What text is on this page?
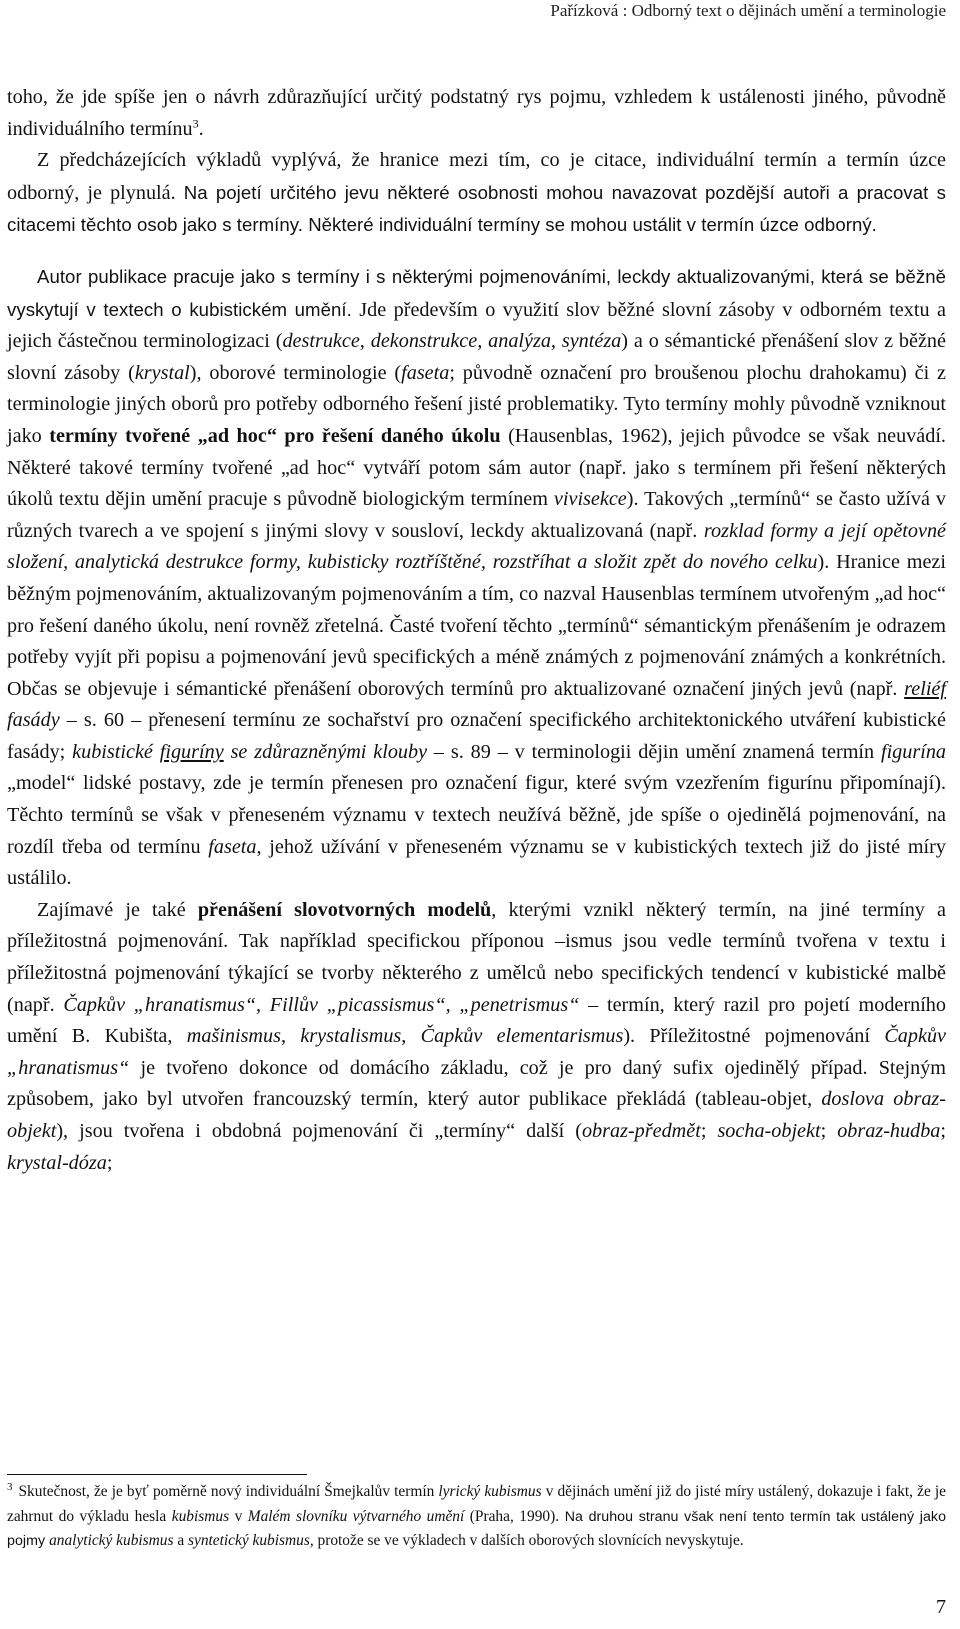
Pařízková : Odborný text o dějinách umění a terminologie

toho, že jde spíše jen o návrh zdůrazňující určitý podstatný rys pojmu, vzhledem k ustálenosti jiného, původně individuálního termínu$^3$.

Z předcházejících výkladů vyplývá, že hranice mezi tím, co je citace, individuální termín a termín úzce odborný, je plynulá. Na pojetí určitého jevu některé osobnosti mohou navazovat pozdější autoři a pracovat s citacemi těchto osob jako s termíny. Některé individuální termíny se mohou ustálit v termín úzce odborný.

Autor publikace pracuje jako s termíny i s některými pojmenováními, leckdy aktualizovanými, která se běžně vyskytují v textech o kubistickém umění. Jde především o využití slov běžné slovní zásoby v odborném textu a jejich částečnou terminologizaci (destrukce, dekonstrukce, analýza, syntéza) a o sémantické přenášení slov z běžné slovní zásoby (krystal), oborové terminologie (faseta; původně označení pro broušenou plochu drahokamu) či z terminologie jiných oborů pro potřeby odborného řešení jisté problematiky. Tyto termíny mohly původně vzniknout jako termíny tvořené „ad hoc“ pro řešení daného úkolu (Hausenblas, 1962), jejich původce se však neuvádí. Některé takové termíny tvořené „ad hoc“ vytváří potom sám autor (např. jako s termínem při řešení některých úkolů textu dějin umění pracuje s původně biologickým termínem vivisekce). Takových „termínů“ se často užívá v různých tvarech a ve spojení s jinými slovy v sousloví, leckdy aktualizovaná (např. rozklad formy a její opětovné složení, analytická destrukce formy, kubisticky roztříštěné, rozstříhat a složit zpět do nového celku). Hranice mezi běžným pojmenováním, aktualizovaným pojmenováním a tím, co nazval Hausenblas termínem utvořeným „ad hoc“ pro řešení daného úkolu, není rovněž zřetelná. Časté tvoření těchto „termínů“ sémantickým přenášením je odrazem potřeby vyjít při popisu a pojmenování jevů specifických a méně známých z pojmenování známých a konkrétních. Občas se objevuje i sémantické přenášení oborových termínů pro aktualizované označení jiných jevů (např. reliéf fasády – s. 60 – přenesení termínu ze sochařství pro označení specifického architektonického utváření kubistické fasády; kubistické figuríny se zdůrazněnými klouby – s. 89 – v terminologii dějin umění znamená termín figurína „model“ lidské postavy, zde je termín přenesen pro označení figur, které svým vzezřením figurínu připomínají). Těchto termínů se však v přeneseném významu v textech neužívá běžně, jde spíše o ojedinělá pojmenování, na rozdíl třeba od termínu faseta, jehož užívání v přeneseném významu se v kubistických textech již do jisté míry ustálilo.

Zajímavé je také přenášení slovotvorných modelů, kterými vznikl některý termín, na jiné termíny a příležitostná pojmenování. Tak například specifickou příponou –ismus jsou vedle termínů tvořena v textu i příležitostná pojmenování týkající se tvorby některého z umělců nebo specifických tendencí v kubistické malbě (např. Čapkův „hranatismus“, Fillův „picassismus“, „penetrismus“ – termín, který razil pro pojetí moderního umění B. Kubišta, mašinismus, krystalismus, Čapkův elementarismus). Příležitostné pojmenování Čapkův „hranatismus“ je tvořeno dokonce od domácího základu, což je pro daný sufix ojedinělý případ. Stejným způsobem, jako byl utvořen francouzský termín, který autor publikace překládá (tableau-objet, doslova obraz-objekt), jsou tvořena i obdobná pojmenování či „termíny“ další (obraz-předmět; socha-objekt; obraz-hudba; krystal-dóza;

$^3$ Skutečnost, že je byť poměrně nový individuální Šmejkalův termín lyrický kubismus v dějinách umění již do jisté míry ustálený, dokazuje i fakt, že je zahrnut do výkladu hesla kubismus v Malém slovníku výtvarného umění (Praha, 1990). Na druhou stranu však není tento termín tak ustálený jako pojmy analytický kubismus a syntetický kubismus, protože se ve výkladech v dalších oborových slovnících nevyskytuje.
7
